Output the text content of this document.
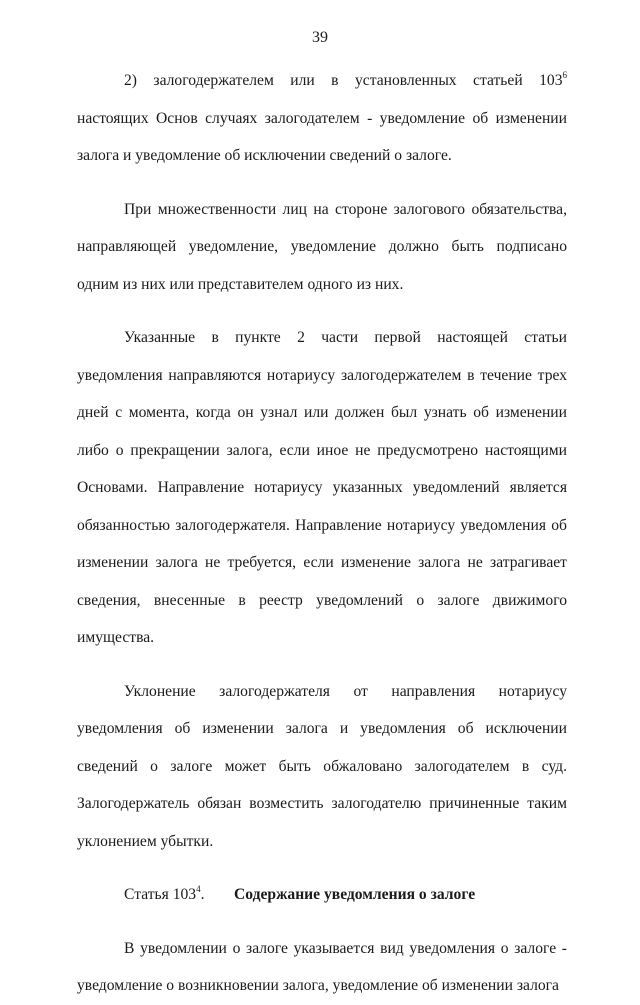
39

2) залогодержателем или в установленных статьей $103^6$ настоящих Основ случаях залогодателем - уведомление об изменении залога и уведомление об исключении сведений о залоге.

При множественности лиц на стороне залогового обязательства, направляющей уведомление, уведомление должно быть подписано одним из них или представителем одного из них.

Указанные в пункте 2 части первой настоящей статьи уведомления направляются нотариусу залогодержателем в течение трех дней с момента, когда он узнал или должен был узнать об изменении либо о прекращении залога, если иное не предусмотрено настоящими Основами. Направление нотариусу указанных уведомлений является обязанностью залогодержателя. Направление нотариусу уведомления об изменении залога не требуется, если изменение залога не затрагивает сведения, внесенные в реестр уведомлений о залоге движимого имущества.

Уклонение залогодержателя от направления нотариусу уведомления об изменении залога и уведомления об исключении сведений о залоге может быть обжаловано залогодателем в суд. Залогодержатель обязан возместить залогодателю причиненные таким уклонением убытки.

Статья $103^4$. Содержание уведомления о залоге

В уведомлении о залоге указывается вид уведомления о залоге - уведомление о возникновении залога, уведомление об изменении залога
